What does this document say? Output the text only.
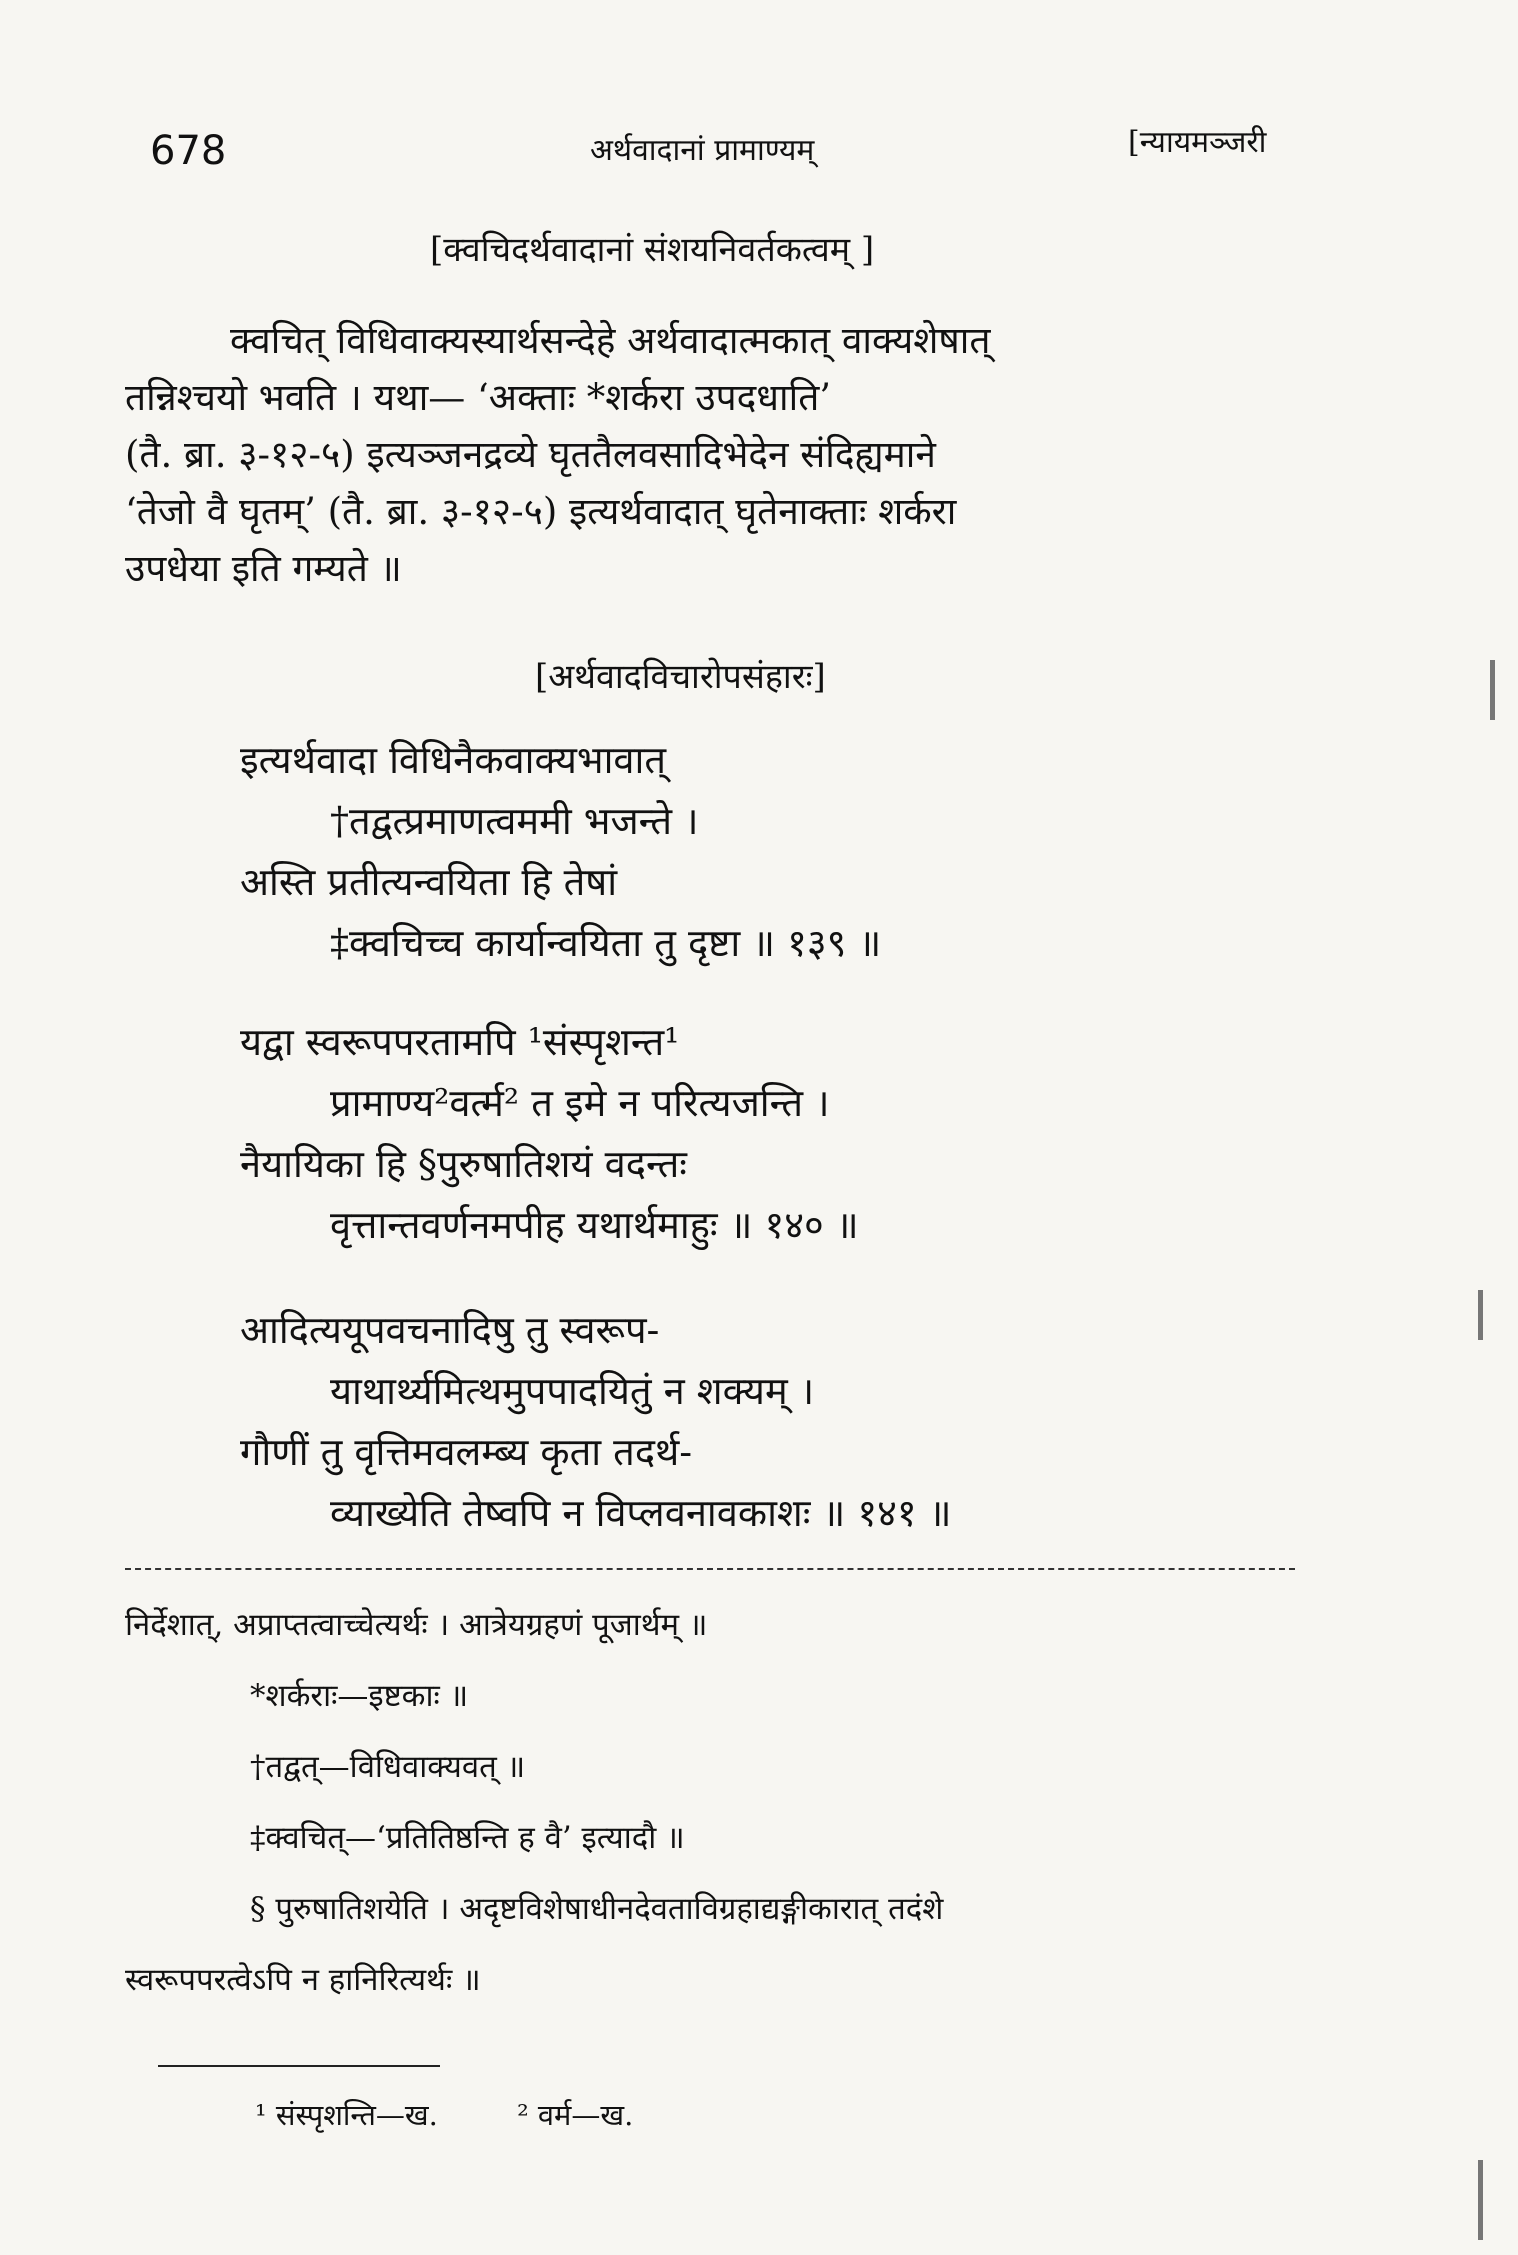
678	अर्थवादानां प्रामाण्यम्	[न्यायमञ्जरी
[क्वचिदर्थवादानां संशयनिवर्तकत्वम् ]
क्वचित् विधिवाक्यस्यार्थसन्देहे अर्थवादात्मकात् वाक्यशेषात्
तन्निश्चयो भवति । यथा— ‘अक्ताः *शर्करा उपदधाति’
(तै. ब्रा. ३-१२-५) इत्यञ्जनद्रव्ये घृततैलवसादिभेदेन संदिह्यमाने
‘तेजो वै घृतम्’ (तै. ब्रा. ३-१२-५) इत्यर्थवादात् घृतेनाक्ताः शर्करा
उपधेया इति गम्यते ॥
[अर्थवादविचारोपसंहारः]
इत्यर्थवादा विधिनैकवाक्यभावात्
†तद्वत्प्रमाणत्वममी भजन्ते ।
अस्ति प्रतीत्यन्वयिता हि तेषां
‡क्वचिच्च कार्यान्वयिता तु दृष्टा ॥ १३९ ॥
यद्वा स्वरूपपरतामपि ¹संस्पृशन्त¹
प्रामाण्य²वर्त्म² त इमे न परित्यजन्ति ।
नैयायिका हि §पुरुषातिशयं वदन्तः
वृत्तान्तवर्णनमपीह यथार्थमाहुः ॥ १४० ॥
आदित्ययूपवचनादिषु तु स्वरूप-
याथार्थ्यमित्थमुपपादयितुं न शक्यम् ।
गौणीं तु वृत्तिमवलम्ब्य कृता तदर्थ-
व्याख्येति तेष्वपि न विप्लवनावकाशः ॥ १४१ ॥
निर्देशात्, अप्राप्तत्वाच्चेत्यर्थः । आत्रेयग्रहणं पूजार्थम् ॥
*शर्कराः—इष्टकाः ॥
†तद्वत्—विधिवाक्यवत् ॥
‡क्वचित्—‘प्रतितिष्ठन्ति ह वै’ इत्यादौ ॥
§ पुरुषातिशयेति । अदृष्टविशेषाधीनदेवताविग्रहाद्यङ्गीकारात् तदंशे
स्वरूपपरत्वेऽपि न हानिरित्यर्थः ॥
¹ संस्पृशन्ति—ख.	² वर्म—ख.
